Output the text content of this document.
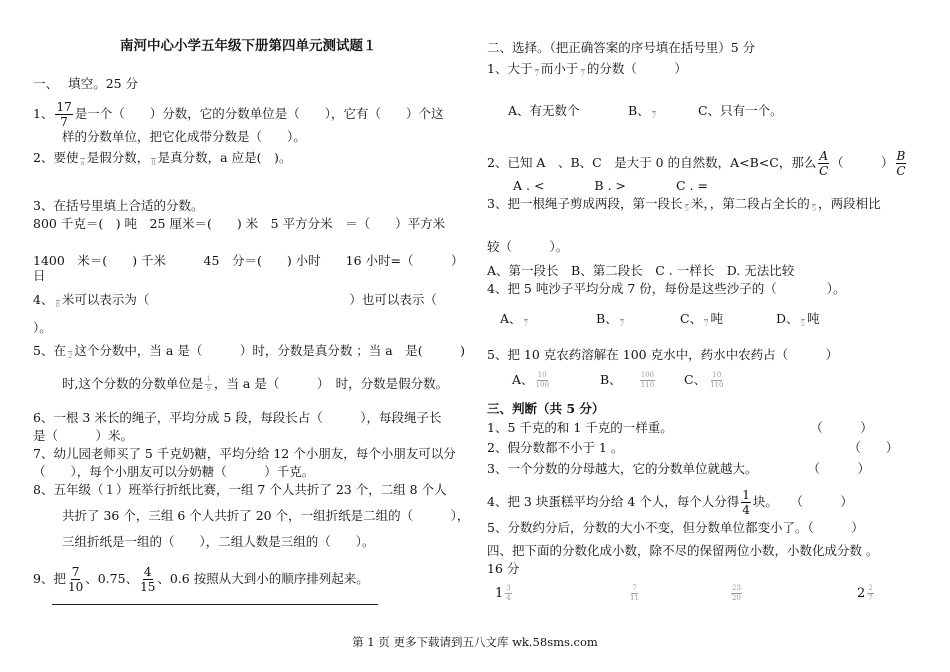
南河中心小学五年级下册第四单元测试题１
一、　 填空。25 分
1、 $\frac{17}{7}$ 是一个（　　）分数，它的分数单位是（　　），它有（　　）个这
样的分数单位，把它化成带分数是（　　）。
2、要使
a 是假分数，
8 是真分数，a 应是(　)。
3、在括号里填上合适的分数。
800 千克＝(　) 吨　25 厘米＝(　　) 米　5 平方分米　＝（　　）平方米
1400　米＝(　　) 千米　　　45　分＝(　　) 小时　　16 小时=（　　　）
日
4、
8 米可以表示为（　　　　　　　　　　　　　　　　）也可以表示（
）。
5、在
2 这个分数中，当 a 是（　　　）时，分数是真分数 ；当 a　是(　　　)
时,这个分数的分数单位是 $\frac{1}{9}$ ，当 a 是（　　　）　时，分数是假分数。
6、一根 3 米长的绳子，平均分成 5 段，每段长占（　　　），每段绳子长
是（　　　）米。
7、幼儿园老师买了 5 千克奶糖，平均分给 12 个小朋友，每个小朋友可以分
（　　），每个小朋友可以分奶糖（　　　）千克。
8、五年级（１）班举行折纸比赛，一组 7 个人共折了 23 个，二组 8 个人
共折了 36 个，三组 6 个人共折了 20 个，一组折纸是二组的（　　　），
三组折纸是一组的（　　），二组人数是三组的（　　）。
9、把 $\frac{7}{10}$ 、0.75、 $\frac{4}{15}$ 、0.6 按照从大到小的顺序排列起来。
二、选择。（把正确答案的序号填在括号里）5 分
1、大于
7 而小于
7 的分数（　　　）
A、有无数个	B、
7	C、只有一个。
2、已知 A　、B、C　是大于 0 的自然数，A<B<C，那么 $\frac{A}{C}$ （　　　） $\frac{B}{C}$
A . <　　　　B . >　　　　C . =
3、把一根绳子剪成两段，第一段长
5 米，，第二段占全长的
5 ，两段相比
较（　　　）。
A、第一段长　B、第二段长　C . 一样长　D. 无法比较
4、把 5 吨沙子平均分成 7 份，每份是这些沙子的（　　　　）。
A、
7	B、
7	C、
7 吨	D、
5 吨
5、把 10 克农药溶解在 100 克水中，药水中农药占（　　　）
A、 $\frac{10}{100}$	B、	$\frac{100}{110}$ C、 $\frac{10}{110}$
三、判断（共 5 分）
1、5 千克的和 1 千克的一样重。　　　　　　　　　　　　（　　　）
2、假分数都不小于 1 。　　　　　　　　　　　　　　　　　　　（　　）
3、一个分数的分母越大，它的分数单位就越大。　　　　　（　　　）
4、把 3 块蛋糕平均分给 4 个人，每个人分得 $\frac{1}{4}$ 块。　　（　　　）
5、分数约分后，分数的大小不变，但分数单位都变小了。（　　　）
四、把下面的分数化成小数，除不尽的保留两位小数，小数化成分数 。
16 分
$1 \frac{3}{4}$	$\frac{7}{11}$	$\frac{23}{20}$	$2 \frac{2}{7}$
第 1 页 更多下载请到五八文库 wk.58sms.com
